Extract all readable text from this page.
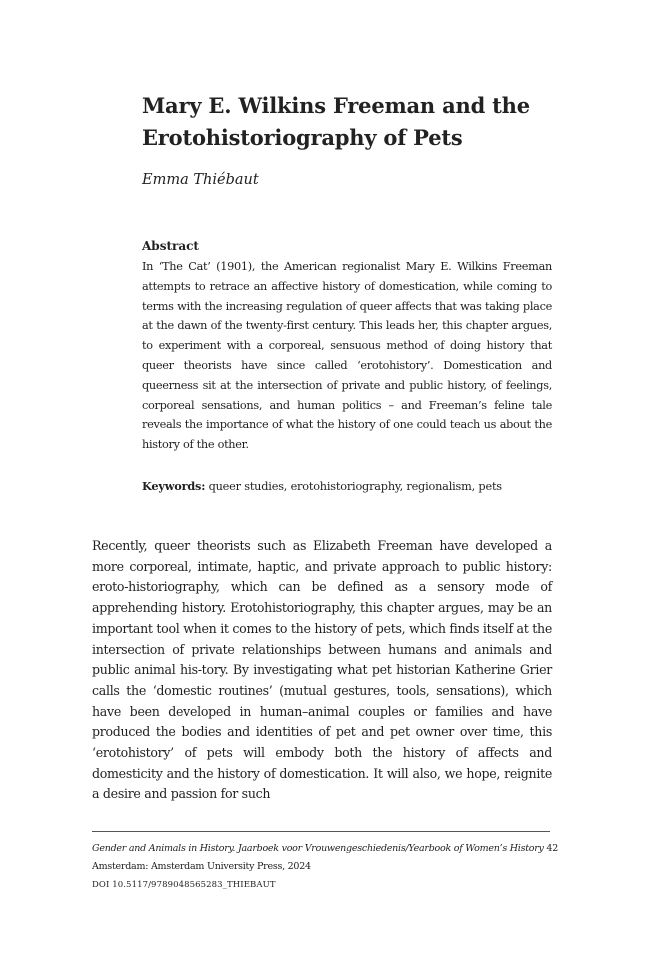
Mary E. Wilkins Freeman and the Erotohistoriography of Pets

Emma Thiébaut

Abstract
In ‘The Cat’ (1901), the American regionalist Mary E. Wilkins Freeman attempts to retrace an affective history of domestication, while coming to terms with the increasing regulation of queer affects that was taking place at the dawn of the twenty-first century. This leads her, this chapter argues, to experiment with a corporeal, sensuous method of doing history that queer theorists have since called ‘erotohistory’. Domestication and queerness sit at the intersection of private and public history, of feelings, corporeal sensations, and human politics – and Freeman’s feline tale reveals the importance of what the history of one could teach us about the history of the other.
Keywords: queer studies, erotohistoriography, regionalism, pets
Recently, queer theorists such as Elizabeth Freeman have developed a more corporeal, intimate, haptic, and private approach to public history: eroto-historiography, which can be defined as a sensory mode of apprehending history. Erotohistoriography, this chapter argues, may be an important tool when it comes to the history of pets, which finds itself at the intersection of private relationships between humans and animals and public animal his-tory. By investigating what pet historian Katherine Grier calls the ‘domestic routines’ (mutual gestures, tools, sensations), which have been developed in human–animal couples or families and have produced the bodies and identities of pet and pet owner over time, this ‘erotohistory’ of pets will embody both the history of affects and domesticity and the history of domestication. It will also, we hope, reignite a desire and passion for such
Gender and Animals in History. Jaarboek voor Vrouwengeschiedenis/Yearbook of Women’s History 42
Amsterdam: Amsterdam University Press, 2024
DOI 10.5117/9789048565283_THIEBAUT
